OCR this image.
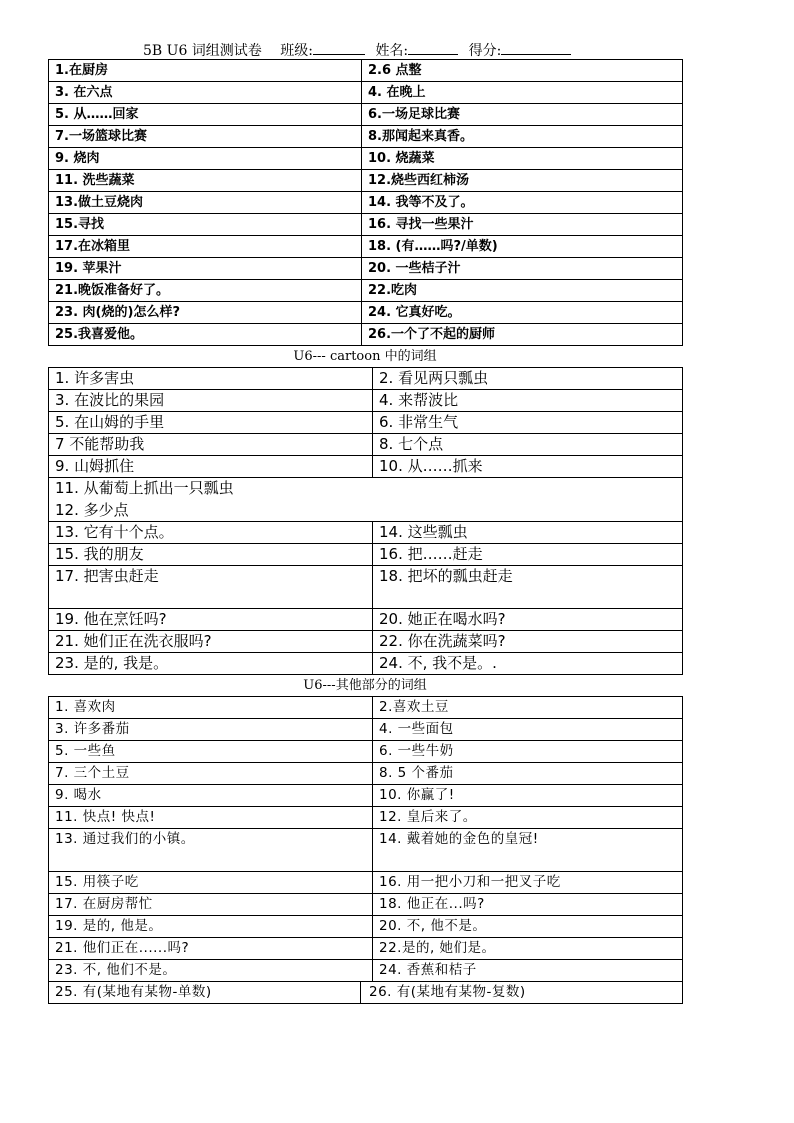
5B U6 词组测试卷 班级:	姓名:	得分:
1.在厨房	2.6 点整
3. 在六点	4. 在晚上
5. 从……回家	6.一场足球比赛
7.一场篮球比赛	8.那闻起来真香。
9. 烧肉	10. 烧蔬菜
11. 洗些蔬菜	12.烧些西红柿汤
13.做土豆烧肉	14. 我等不及了。
15.寻找	16. 寻找一些果汁
17.在冰箱里	18. (有……吗?/单数)
19. 苹果汁	20. 一些桔子汁
21.晚饭准备好了。	22.吃肉
23. 肉(烧的)怎么样?	24. 它真好吃。
25.我喜爱他。	26.一个了不起的厨师
U6--- cartoon 中的词组
1. 许多害虫	2. 看见两只瓢虫
3. 在波比的果园	4. 来帮波比
5. 在山姆的手里	6. 非常生气
7 不能帮助我	8. 七个点
9. 山姆抓住	10. 从……抓来
11. 从葡萄上抓出一只瓢虫	
12. 多少点	
13. 它有十个点。	14. 这些瓢虫
15. 我的朋友	16. 把……赶走
17. 把害虫赶走	18. 把坏的瓢虫赶走
19. 他在烹饪吗?	20. 她正在喝水吗?
21. 她们正在洗衣服吗?	22. 你在洗蔬菜吗?
23. 是的, 我是。	24. 不, 我不是。.
U6---其他部分的词组
1. 喜欢肉	2.喜欢土豆
3. 许多番茄	4. 一些面包
5. 一些鱼	6. 一些牛奶
7. 三个土豆	8. 5 个番茄
9. 喝水	10. 你赢了!
11. 快点! 快点!	12. 皇后来了。
13. 通过我们的小镇。	14. 戴着她的金色的皇冠!
15. 用筷子吃	16. 用一把小刀和一把叉子吃
17. 在厨房帮忙	18. 他正在...吗?
19. 是的, 他是。	20. 不, 他不是。
21. 他们正在......吗?	22.是的, 她们是。
23. 不, 他们不是。	24. 香蕉和桔子

25. 有(某地有某物-单数) 26. 有(某地有某物-复数)	
